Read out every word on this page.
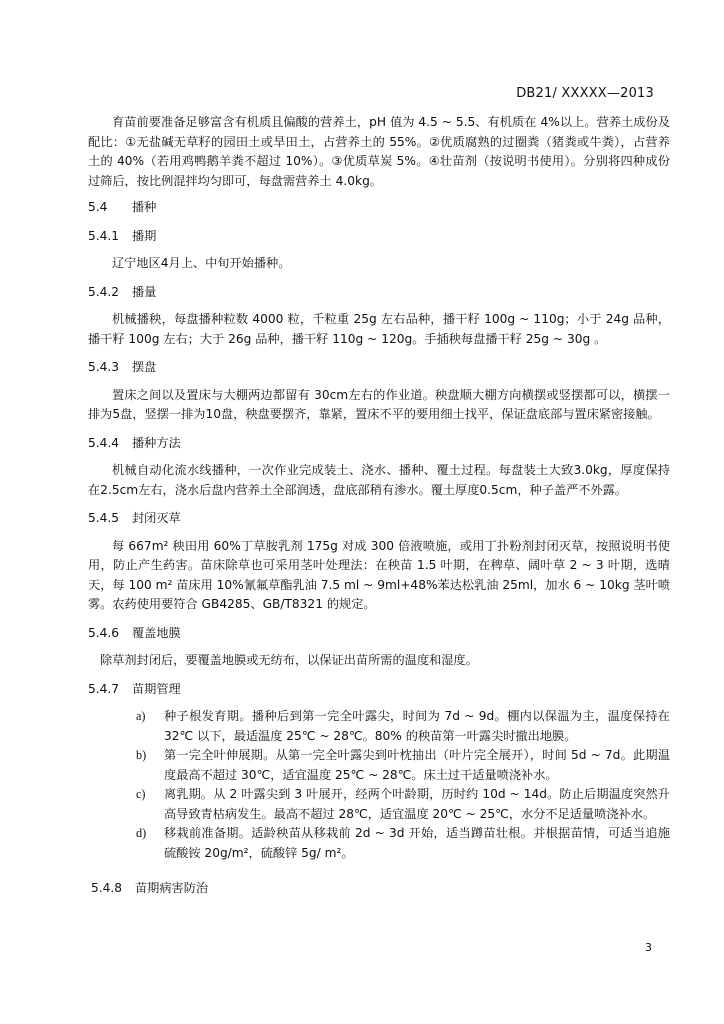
DB21/ XXXXX—2013

育苗前要准备足够富含有机质且偏酸的营养土，pH 值为 4.5 ~ 5.5、有机质在 4%以上。营养土成份及配比：①无盐碱无草籽的园田土或旱田土，占营养土的 55%。②优质腐熟的过圈粪（猪粪或牛粪），占营养土的 40%（若用鸡鸭鹅羊粪不超过 10%）。③优质草炭 5%。④壮苗剂（按说明书使用）。分别将四种成份过筛后，按比例混拌均匀即可，每盘需营养土 4.0kg。

5.4 播种
5.4.1 播期

辽宁地区4月上、中旬开始播种。

5.4.2 播量

机械播秧，每盘播种粒数 4000 粒，千粒重 25g 左右品种，播干籽 100g ~ 110g；小于 24g 品种，播干籽 100g 左右；大于 26g 品种，播干籽 110g ~ 120g。手插秧每盘播干籽 25g ~ 30g 。

5.4.3 摆盘

置床之间以及置床与大棚两边都留有 30cm左右的作业道。秧盘顺大棚方向横摆或竖摆都可以，横摆一排为5盘，竖摆一排为10盘，秧盘要摆齐，靠紧，置床不平的要用细土找平，保证盘底部与置床紧密接触。

5.4.4 播种方法

机械自动化流水线播种，一次作业完成装土、浇水、播种、覆土过程。每盘装土大致3.0kg，厚度保持在2.5cm左右，浇水后盘内营养土全部润透，盘底部稍有渗水。覆土厚度0.5cm，种子盖严不外露。

5.4.5 封闭灭草

每 667m² 秧田用 60%丁草胺乳剂 175g 对成 300 倍液喷施，或用丁扑粉剂封闭灭草，按照说明书使用，防止产生药害。苗床除草也可采用茎叶处理法：在秧苗 1.5 叶期，在稗草、阔叶草 2 ~ 3 叶期，选晴天，每 100 m² 苗床用 10%氰氟草酯乳油 7.5 ml ~ 9ml+48%苯达松乳油 25ml，加水 6 ~ 10kg 茎叶喷雾。农药使用要符合 GB4285、GB/T8321 的规定。

5.4.6 覆盖地膜

除草剂封闭后，要覆盖地膜或无纺布，以保证出苗所需的温度和湿度。

5.4.7 苗期管理
a) 种子根发育期。播种后到第一完全叶露尖，时间为 7d ~ 9d。棚内以保温为主，温度保持在 32℃ 以下，最适温度 25℃ ~ 28℃。80% 的秧苗第一叶露尖时撤出地膜。
b) 第一完全叶伸展期。从第一完全叶露尖到叶枕抽出（叶片完全展开），时间 5d ~ 7d。此期温度最高不超过 30℃，适宜温度 25℃ ~ 28℃。床土过干适量喷浇补水。
c) 离乳期。从 2 叶露尖到 3 叶展开，经两个叶龄期，历时约 10d ~ 14d。防止后期温度突然升高导致青枯病发生。最高不超过 28℃，适宜温度 20℃ ~ 25℃，水分不足适量喷浇补水。
d) 移栽前准备期。适龄秧苗从移栽前 2d ~ 3d 开始，适当蹲苗壮根。并根据苗情，可适当追施硫酸铵 20g/m²，硫酸锌 5g/ m²。
5.4.8 苗期病害防治
3
